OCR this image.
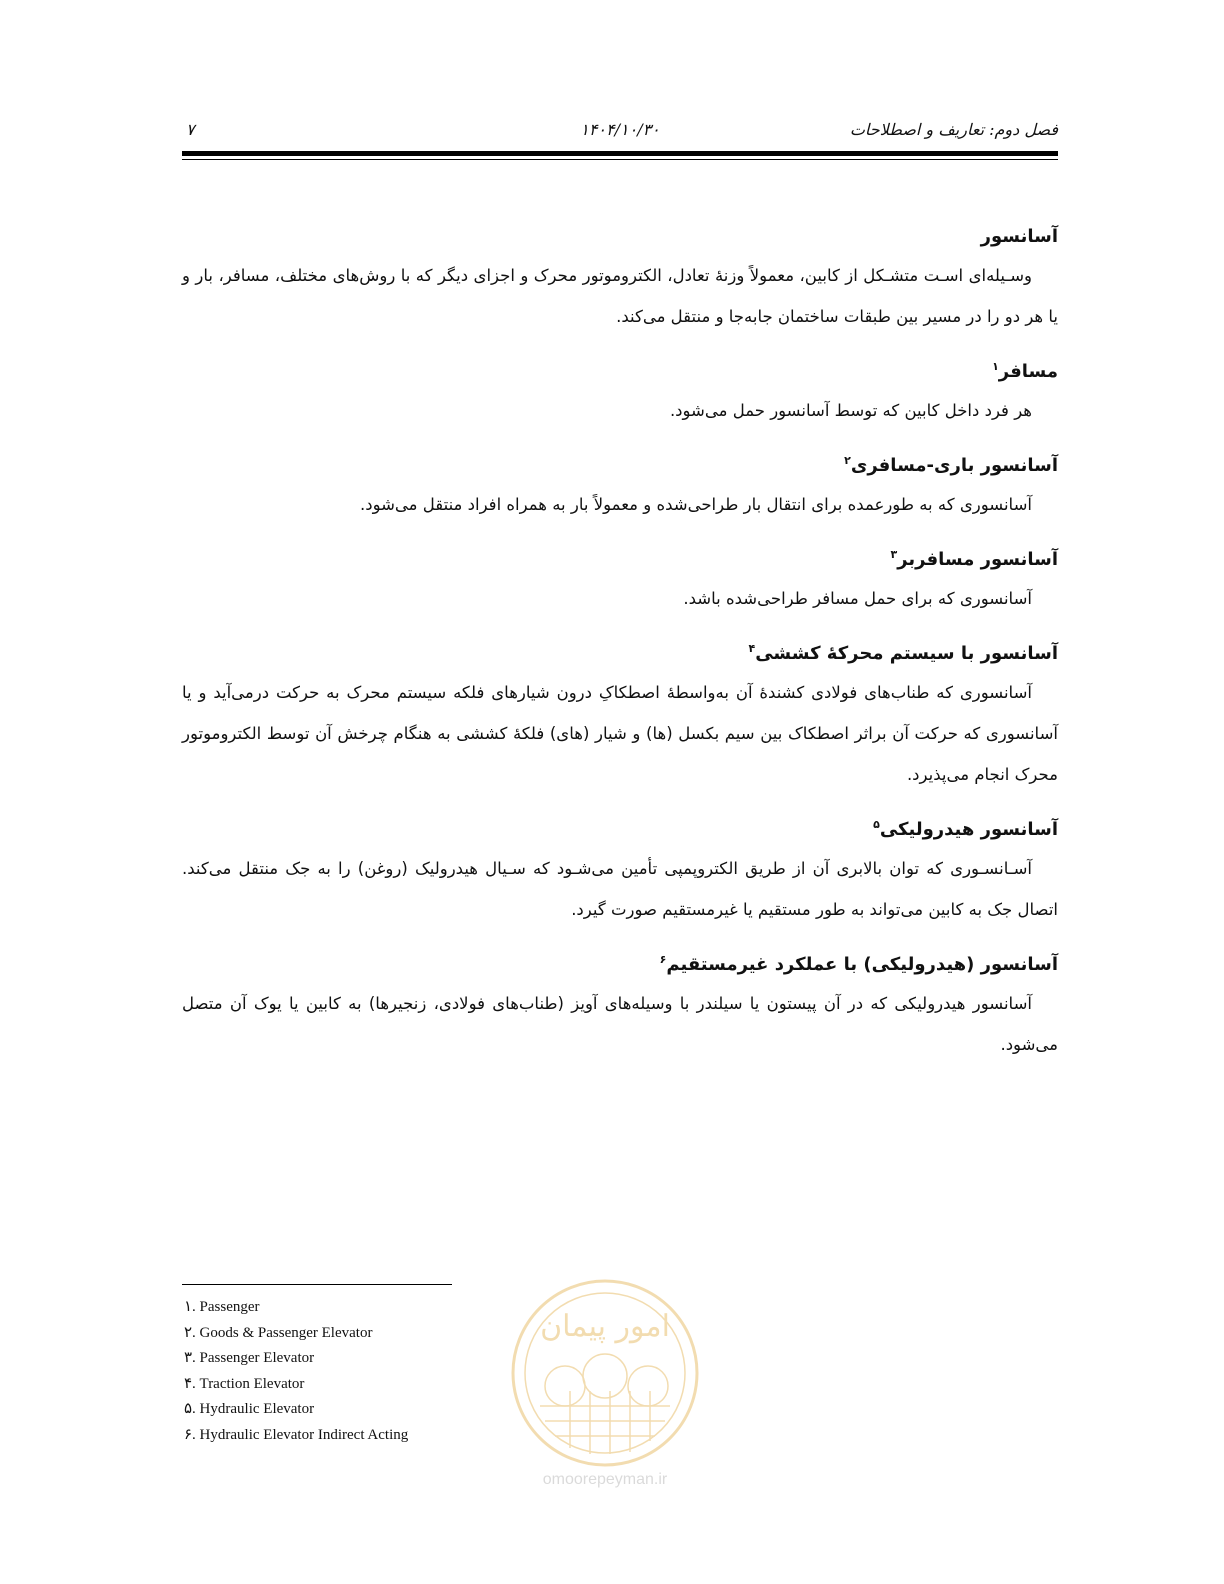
فصل دوم: تعاریف و اصطلاحات
۱۴۰۴/۱۰/۳۰
۷
آسانسور

وسـیله‌ای اسـت متشـکل از کابین، معمولاً وزنهٔ تعادل، الکتروموتور محرک و اجزای دیگر که با روش‌های مختلف، مسافر، بار و یا هر دو را در مسیر بین طبقات ساختمان جابه‌جا و منتقل می‌کند.

مسافر$^۱$

هر فرد داخل کابین که توسط آسانسور حمل می‌شود.

آسانسور باری-مسافری$^۲$

آسانسوری که به طورعمده برای انتقال بار طراحی‌شده و معمولاً بار به همراه افراد منتقل می‌شود.

آسانسور مسافربر$^۳$

آسانسوری که برای حمل مسافر طراحی‌شده باشد.

آسانسور با سیستم محرکهٔ کششی$^۴$

آسانسوری که طناب‌های فولادی کشندهٔ آن به‌واسطهٔ اصطکاکِ درون شیارهای فلکه سیستم محرک به حرکت درمی‌آید و یا آسانسوری که حرکت آن براثر اصطکاک بین سیم بکسل (ها) و شیار (های) فلکهٔ کششی به هنگام چرخش آن توسط الکتروموتور محرک انجام می‌پذیرد.

آسانسور هیدرولیکی$^۵$

آسـانسـوری که توان بالابری آن از طریق الکتروپمپی تأمین می‌شـود که سـیال هیدرولیک (روغن) را به جک منتقل می‌کند. اتصال جک به کابین می‌تواند به طور مستقیم یا غیرمستقیم صورت گیرد.

آسانسور (هیدرولیکی) با عملکرد غیرمستقیم$^۶$

آسانسور هیدرولیکی که در آن پیستون یا سیلندر با وسیله‌های آویز (طناب‌های فولادی، زنجیرها) به کابین یا یوک آن متصل می‌شود.

۱. Passenger
۲. Goods & Passenger Elevator
۳. Passenger Elevator
۴. Traction Elevator
۵. Hydraulic Elevator
۶. Hydraulic Elevator Indirect Acting
امور پیمان
omoorepeyman.ir
